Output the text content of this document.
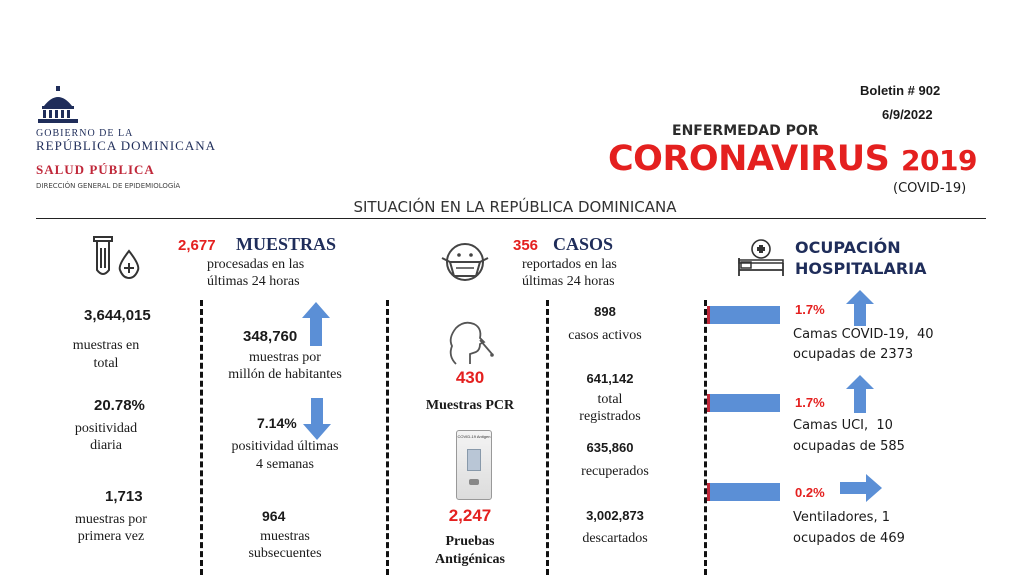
Boletin # 902
6/9/2022
GOBIERNO DE LA
REPÚBLICA DOMINICANA
SALUD PÚBLICA
DIRECCIÓN GENERAL DE EPIDEMIOLOGÍA
ENFERMEDAD POR
CORONAVIRUS 2019
(COVID-19)
SITUACIÓN EN LA REPÚBLICA DOMINICANA
2,677 MUESTRAS
procesadas en las
últimas 24 horas
3,644,015
muestras en
total
20.78%
positividad
diaria
1,713
muestras por
primera vez
348,760
muestras por
millón de habitantes
7.14%
positividad últimas
4 semanas
964
muestras
subsecuentes
356 CASOS
reportados en las
últimas 24 horas
430
Muestras PCR
COVID-19 Antigen
2,247
Pruebas
Antigénicas
898
casos activos
641,142
total
registrados
635,860
recuperados
3,002,873
descartados
OCUPACIÓN
HOSPITALARIA
1.7%
Camas COVID-19,  40
ocupadas de 2373
1.7%
Camas UCI,  10
ocupadas de 585
0.2%
Ventiladores, 1
ocupados de 469
